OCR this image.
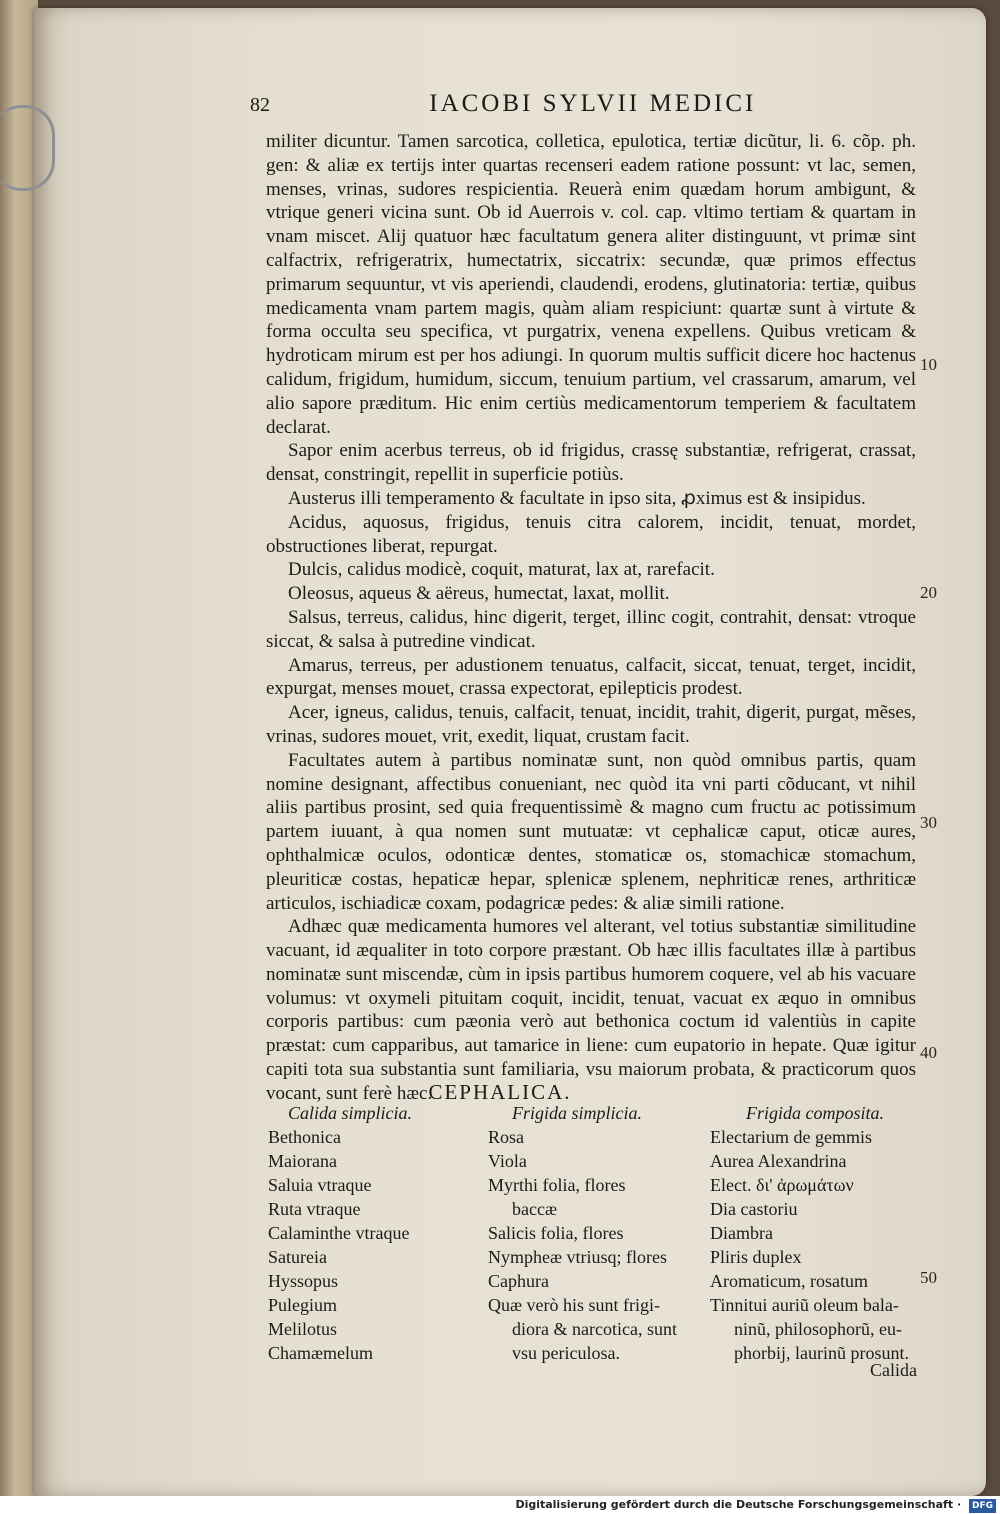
82	IACOBI SYLVII MEDICI

militer dicuntur. Tamen sarcotica, colletica, epulotica, tertiæ dicũtur, li. 6. cõp. ph. gen: & aliæ ex tertijs inter quartas recenseri eadem ratione possunt: vt lac, semen, menses, vrinas, sudores respicientia. Reuerà enim quædam horum ambigunt, & vtrique generi vicina sunt. Ob id Auerrois v. col. cap. vltimo tertiam & quartam in vnam miscet. Alij quatuor hæc facultatum genera aliter distinguunt, vt primæ sint calfactrix, refrigeratrix, humectatrix, siccatrix: secundæ, quæ primos effectus primarum sequuntur, vt vis aperiendi, claudendi, erodens, glutinatoria: tertiæ, quibus medicamenta vnam partem magis, quàm aliam respiciunt: quartæ sunt à virtute & forma occulta seu specifica, vt purgatrix, venena expellens. Quibus vreticam & hydroticam mirum est per hos adiungi. In quorum multis sufficit dicere hoc hactenus calidum, frigidum, humidum, siccum, tenuium partium, vel crassarum, amarum, vel alio sapore præditum. Hic enim certiùs medicamentorum temperiem & facultatem declarat.

Sapor enim acerbus terreus, ob id frigidus, crassę substantiæ, refrigerat, crassat, densat, constringit, repellit in superficie potiùs.

Austerus illi temperamento & facultate in ipso sita, ꝓximus est & insipidus.

Acidus, aquosus, frigidus, tenuis citra calorem, incidit, tenuat, mordet, obstructiones liberat, repurgat.

Dulcis, calidus modicè, coquit, maturat, lax at, rarefacit.

Oleosus, aqueus & aëreus, humectat, laxat, mollit.

Salsus, terreus, calidus, hinc digerit, terget, illinc cogit, contrahit, densat: vtroque siccat, & salsa à putredine vindicat.

Amarus, terreus, per adustionem tenuatus, calfacit, siccat, tenuat, terget, incidit, expurgat, menses mouet, crassa expectorat, epilepticis prodest.

Acer, igneus, calidus, tenuis, calfacit, tenuat, incidit, trahit, digerit, purgat, mẽses, vrinas, sudores mouet, vrit, exedit, liquat, crustam facit.

Facultates autem à partibus nominatæ sunt, non quòd omnibus partis, quam nomine designant, affectibus conueniant, nec quòd ita vni parti cõducant, vt nihil aliis partibus prosint, sed quia frequentissimè & magno cum fructu ac potissimum partem iuuant, à qua nomen sunt mutuatæ: vt cephalicæ caput, oticæ aures, ophthalmicæ oculos, odonticæ dentes, stomaticæ os, stomachicæ stomachum, pleuriticæ costas, hepaticæ hepar, splenicæ splenem, nephriticæ renes, arthriticæ articulos, ischiadicæ coxam, podagricæ pedes: & aliæ simili ratione.

Adhæc quæ medicamenta humores vel alterant, vel totius substantiæ similitudine vacuant, id æqualiter in toto corpore præstant. Ob hæc illis facultates illæ à partibus nominatæ sunt miscendæ, cùm in ipsis partibus humorem coquere, vel ab his vacuare volumus: vt oxymeli pituitam coquit, incidit, tenuat, vacuat ex æquo in omnibus corporis partibus: cum pæonia verò aut bethonica coctum id valentiùs in capite præstat: cum capparibus, aut tamarice in liene: cum eupatorio in hepate. Quæ igitur capiti tota sua substantia sunt familiaria, vsu maiorum probata, & practicorum quos vocant, sunt ferè hæc.

10
20
30
40
50
CEPHALICA.
Calida simplicia.
Bethonica
Maiorana
Saluia vtraque
Ruta vtraque
Calaminthe vtraque
Satureia
Hyssopus
Pulegium
Melilotus
Chamæmelum
Frigida simplicia.
Rosa
Viola
Myrthi folia, flores
baccæ
Salicis folia, flores
Nympheæ vtriusq; flores
Caphura
Quæ verò his sunt frigi-
diora & narcotica, sunt
vsu periculosa.
Frigida composita.
Electarium de gemmis
Aurea Alexandrina
Elect. δι' ἀρωμάτων
Dia castoriu
Diambra
Pliris duplex
Aromaticum, rosatum
Tinnitui auriũ oleum bala-
ninũ, philosophorũ, eu-
phorbij, laurinũ prosunt.
Calida
Digitalisierung gefördert durch die Deutsche Forschungsgemeinschaft · DFG
